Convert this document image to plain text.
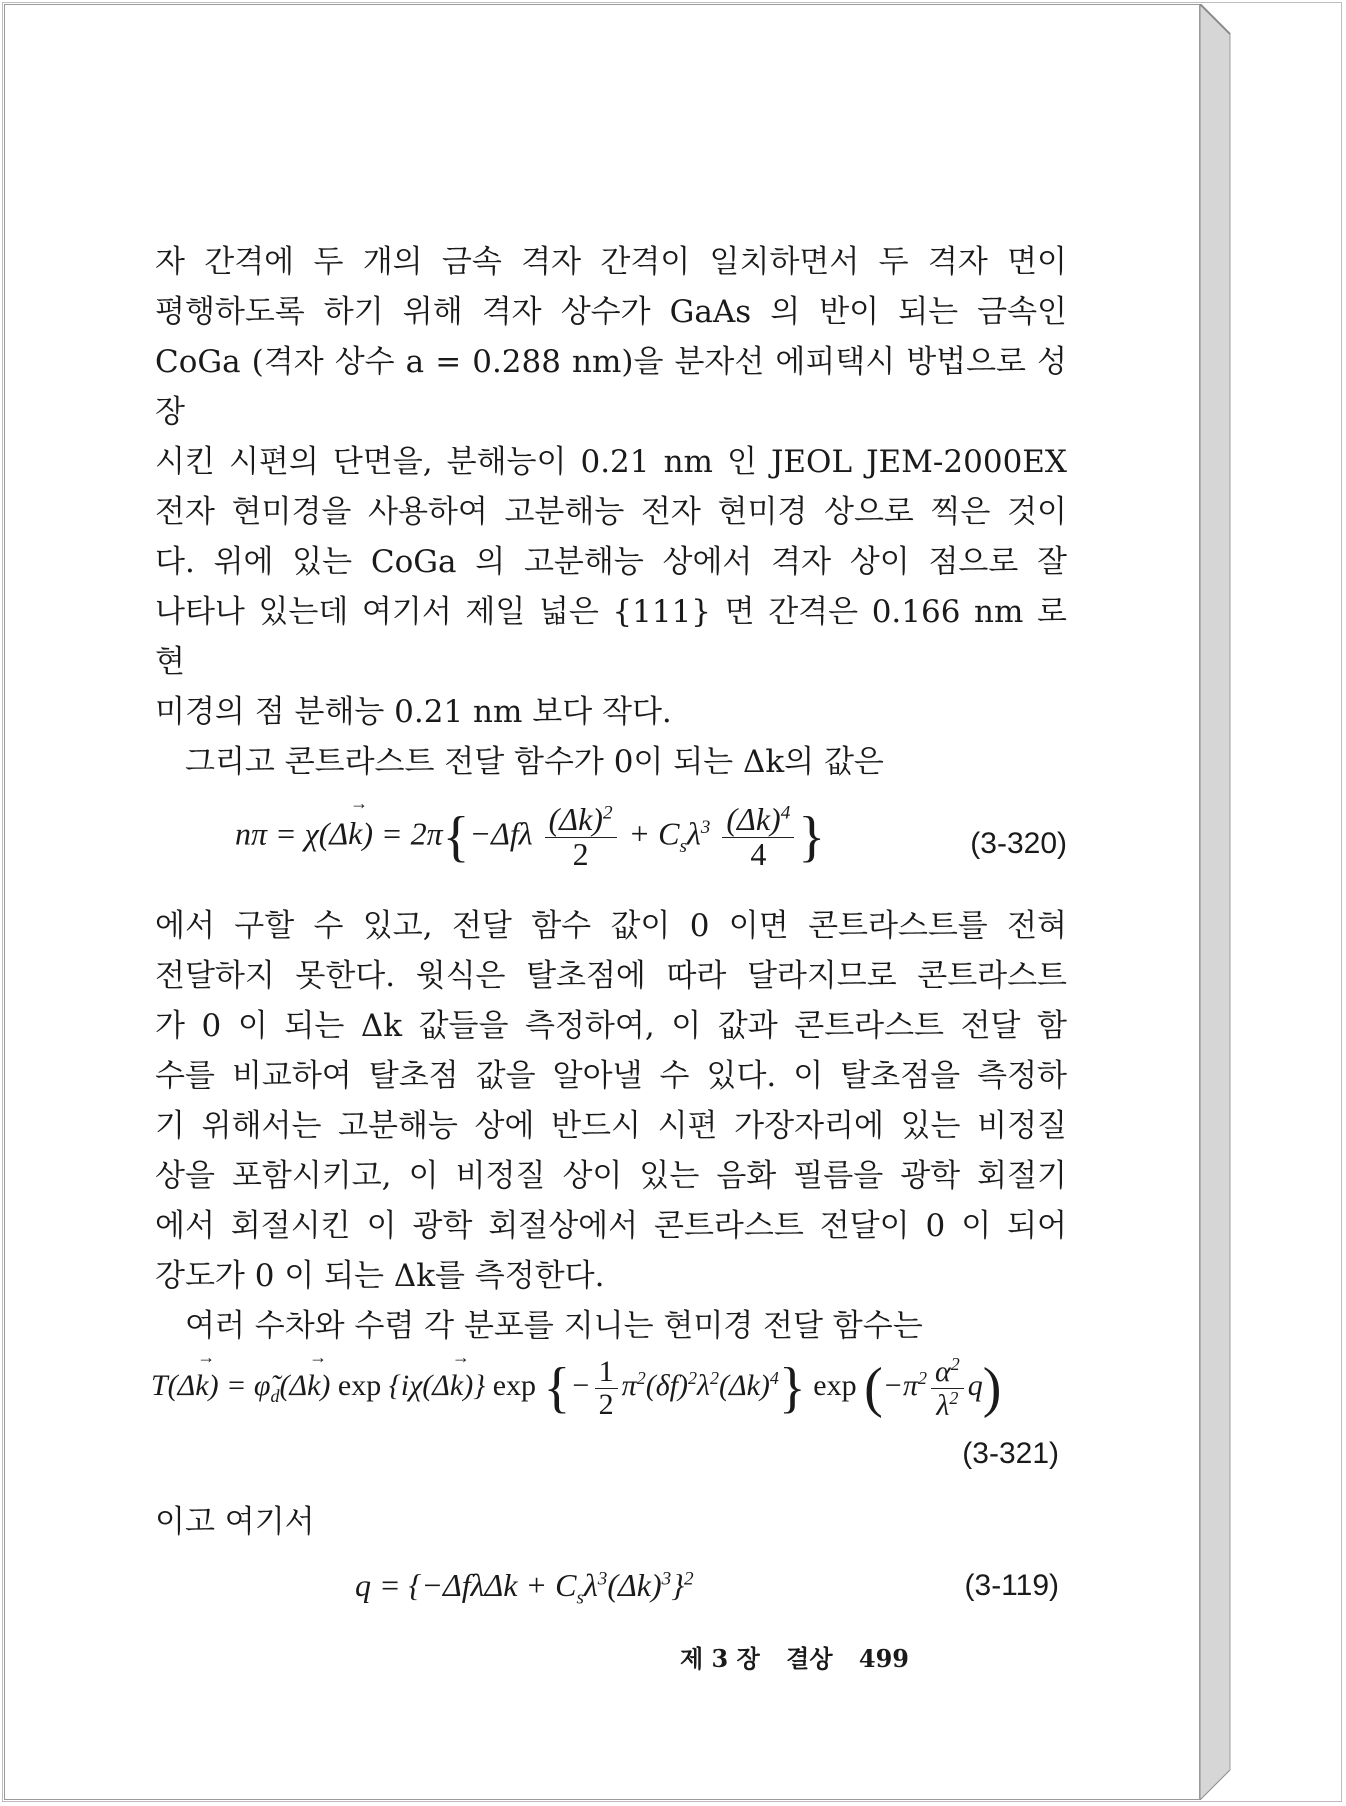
자 간격에 두 개의 금속 격자 간격이 일치하면서 두 격자 면이

평행하도록 하기 위해 격자 상수가 GaAs 의 반이 되는 금속인

CoGa (격자 상수 a = 0.288 nm)을 분자선 에피택시 방법으로 성장

시킨 시편의 단면을, 분해능이 0.21 nm 인 JEOL JEM-2000EX

전자 현미경을 사용하여 고분해능 전자 현미경 상으로 찍은 것이

다. 위에 있는 CoGa 의 고분해능 상에서 격자 상이 점으로 잘

나타나 있는데 여기서 제일 넓은 {111} 면 간격은 0.166 nm 로 현

미경의 점 분해능 0.21 nm 보다 작다.

그리고 콘트라스트 전달 함수가 0이 되는 Δk의 값은

nπ = χ(Δk →) = $2\pi\{-\Delta f\lambda \frac{(\Delta k)^2}{2} + C_s\lambda^3 \frac{(\Delta k)^4}{4}$ }	(3-320)

에서 구할 수 있고, 전달 함수 값이 0 이면 콘트라스트를 전혀

전달하지 못한다. 윗식은 탈초점에 따라 달라지므로 콘트라스트

가 0 이 되는 Δk 값들을 측정하여, 이 값과 콘트라스트 전달 함

수를 비교하여 탈초점 값을 알아낼 수 있다. 이 탈초점을 측정하

기 위해서는 고분해능 상에 반드시 시편 가장자리에 있는 비정질

상을 포함시키고, 이 비정질 상이 있는 음화 필름을 광학 회절기

에서 회절시킨 이 광학 회절상에서 콘트라스트 전달이 0 이 되어

강도가 0 이 되는 Δk를 측정한다.

여러 수차와 수렴 각 분포를 지니는 현미경 전달 함수는

T(Δk →) = $\varphĩ_d(\Delta k$ →) exp {iχ(Δk →)} exp {− $\frac{1}{2} \pi^2(\delta f)^2\lambda^2(\Delta k)^4$} $\exp (-\pi^2 \frac{\alpha^2}{\lambda^2} q)$
(3-321)

이고 여기서

$q = \{-\Delta f\lambda\Delta k + C_s\lambda^3(\Delta k)^3\}^2$	(3-119)
제 3 장 결상 499
